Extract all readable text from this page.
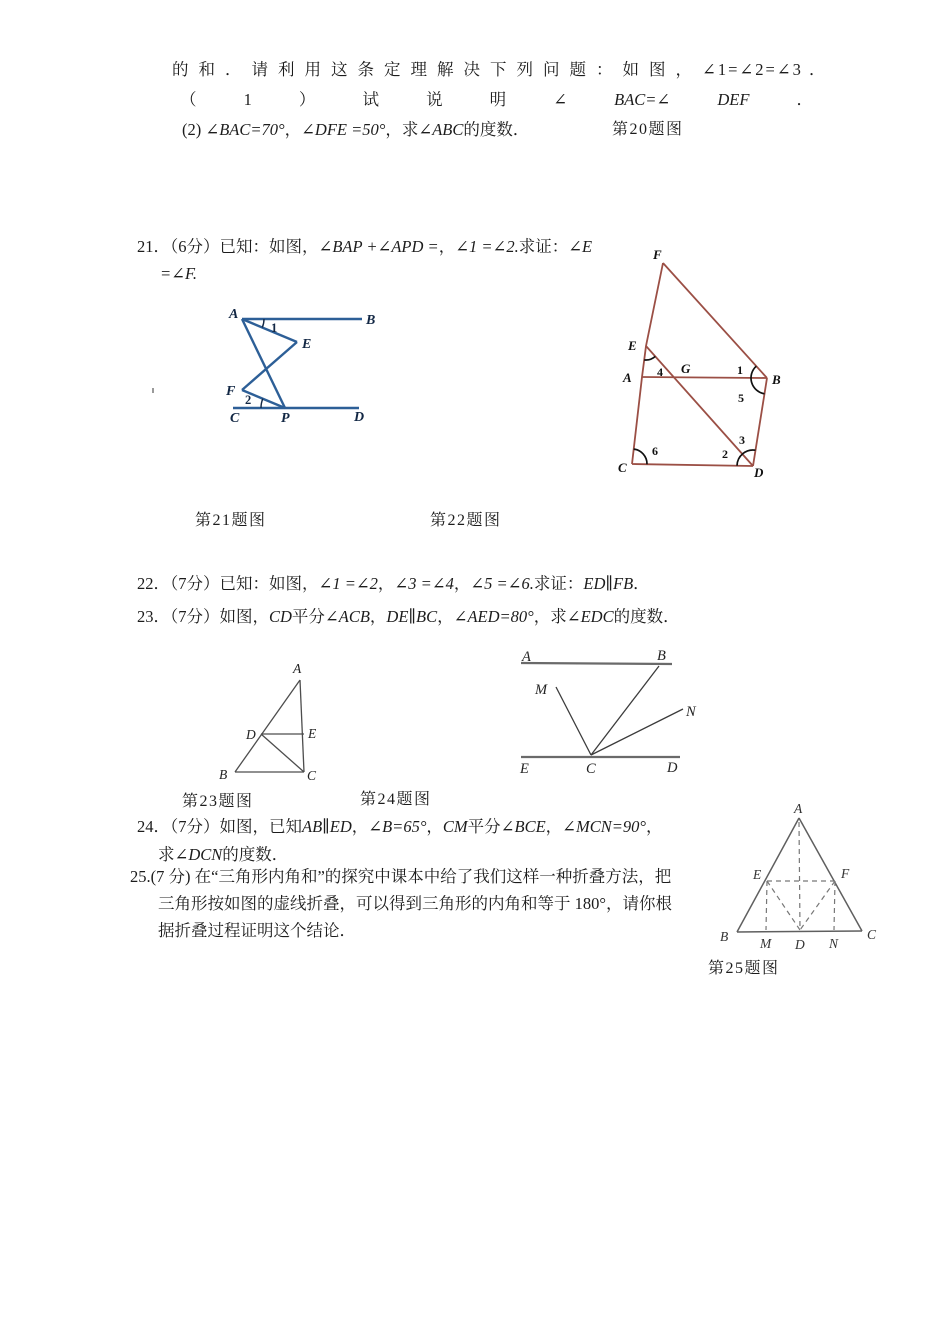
的和．请利用这条定理解决下列问题：如图， ∠1=∠2=∠3 ．
（	1	）	试	说	明	∠	BAC=∠	DEF	．
(2) ∠BAC=70°，∠DFE =50°，求∠ABC的度数．	第20题图
21．（6分）已知：如图，∠BAP +∠APD =，∠1 =∠2.求证：∠E
=∠F.
A	B
E
F
C	P	D
1
2
F
E
A
G
B
C	D
1
5
3
2
4
6
第21题图	第22题图
22．（7分）已知：如图，∠1 =∠2，∠3 =∠4，∠5 =∠6.求证：ED∥FB．
23．（7分）如图，CD平分∠ACB，DE∥BC，∠AED=80°，求∠EDC的度数．
A
B	C
D	E
A	B
M
N
E	C	D
第23题图	第24题图
24．（7分）如图，已知AB∥ED，∠B=65°，CM平分∠BCE，∠MCN=90°，
求∠DCN的度数．
25.(7 分) 在“三角形内角和”的探究中课本中给了我们这样一种折叠方法，把
三角形按如图的虚线折叠，可以得到三角形的内角和等于 180°，请你根
据折叠过程证明这个结论．
A
B	C
E	F
M D N
第25题图
